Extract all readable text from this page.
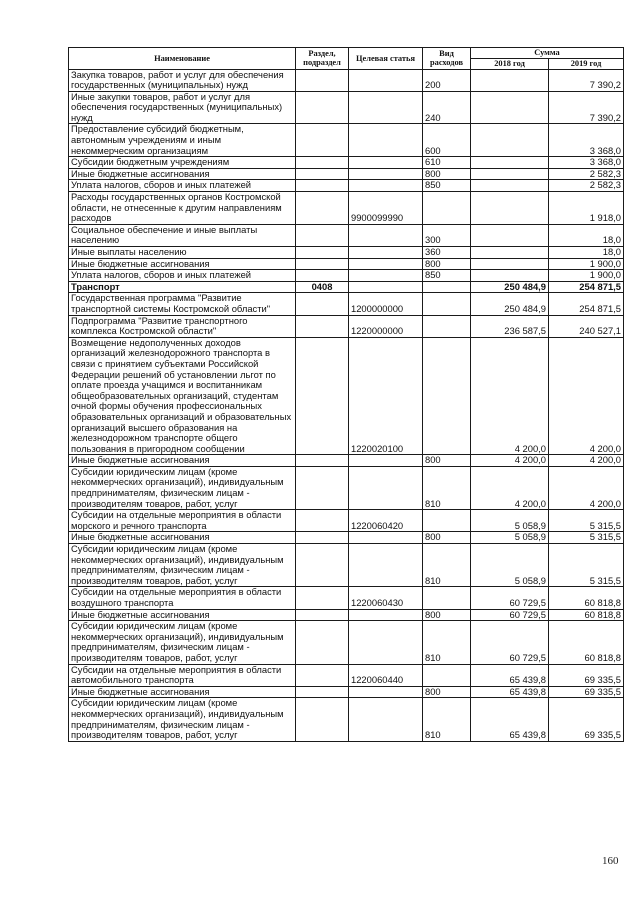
Наименование	Раздел, подраздел	Целевая статья	Вид расходов	Сумма	
				2018 год	2019 год
Закупка товаров, работ и услуг для обеспечения государственных (муниципальных) нужд			200		7 390,2
Иные закупки товаров, работ и услуг для обеспечения государственных (муниципальных) нужд			240		7 390,2
Предоставление субсидий бюджетным, автономным учреждениям и иным некоммерческим организациям			600		3 368,0
Субсидии бюджетным учреждениям			610		3 368,0
Иные бюджетные ассигнования			800		2 582,3
Уплата налогов, сборов и иных платежей			850		2 582,3
Расходы государственных органов Костромской области, не отнесенные к другим направлениям расходов		9900099990			1 918,0
Социальное обеспечение и иные выплаты населению			300		18,0
Иные выплаты населению			360		18,0
Иные бюджетные ассигнования			800		1 900,0
Уплата налогов, сборов и иных платежей			850		1 900,0
Транспорт	0408			250 484,9	254 871,5
Государственная программа "Развитие транспортной системы Костромской области"		1200000000		250 484,9	254 871,5
Подпрограмма "Развитие транспортного комплекса Костромской области"		1220000000		236 587,5	240 527,1
Возмещение недополученных доходов организаций железнодорожного транспорта в связи с принятием субъектами Российской Федерации решений об установлении льгот по оплате проезда учащимся и воспитанникам общеобразовательных организаций, студентам очной формы обучения профессиональных образовательных организаций и образовательных организаций высшего образования на железнодорожном транспорте общего пользования в пригородном сообщении		1220020100		4 200,0	4 200,0
Иные бюджетные ассигнования			800	4 200,0	4 200,0
Субсидии юридическим лицам (кроме некоммерческих организаций), индивидуальным предпринимателям, физическим лицам - производителям товаров, работ, услуг			810	4 200,0	4 200,0
Субсидии на отдельные мероприятия в области морского и речного транспорта		1220060420		5 058,9	5 315,5
Иные бюджетные ассигнования			800	5 058,9	5 315,5
Субсидии юридическим лицам (кроме некоммерческих организаций), индивидуальным предпринимателям, физическим лицам - производителям товаров, работ, услуг			810	5 058,9	5 315,5
Субсидии на отдельные мероприятия в области воздушного транспорта		1220060430		60 729,5	60 818,8
Иные бюджетные ассигнования			800	60 729,5	60 818,8
Субсидии юридическим лицам (кроме некоммерческих организаций), индивидуальным предпринимателям, физическим лицам - производителям товаров, работ, услуг			810	60 729,5	60 818,8
Субсидии на отдельные мероприятия в области автомобильного транспорта		1220060440		65 439,8	69 335,5
Иные бюджетные ассигнования			800	65 439,8	69 335,5
Субсидии юридическим лицам (кроме некоммерческих организаций), индивидуальным предпринимателям, физическим лицам - производителям товаров, работ, услуг			810	65 439,8	69 335,5
160
